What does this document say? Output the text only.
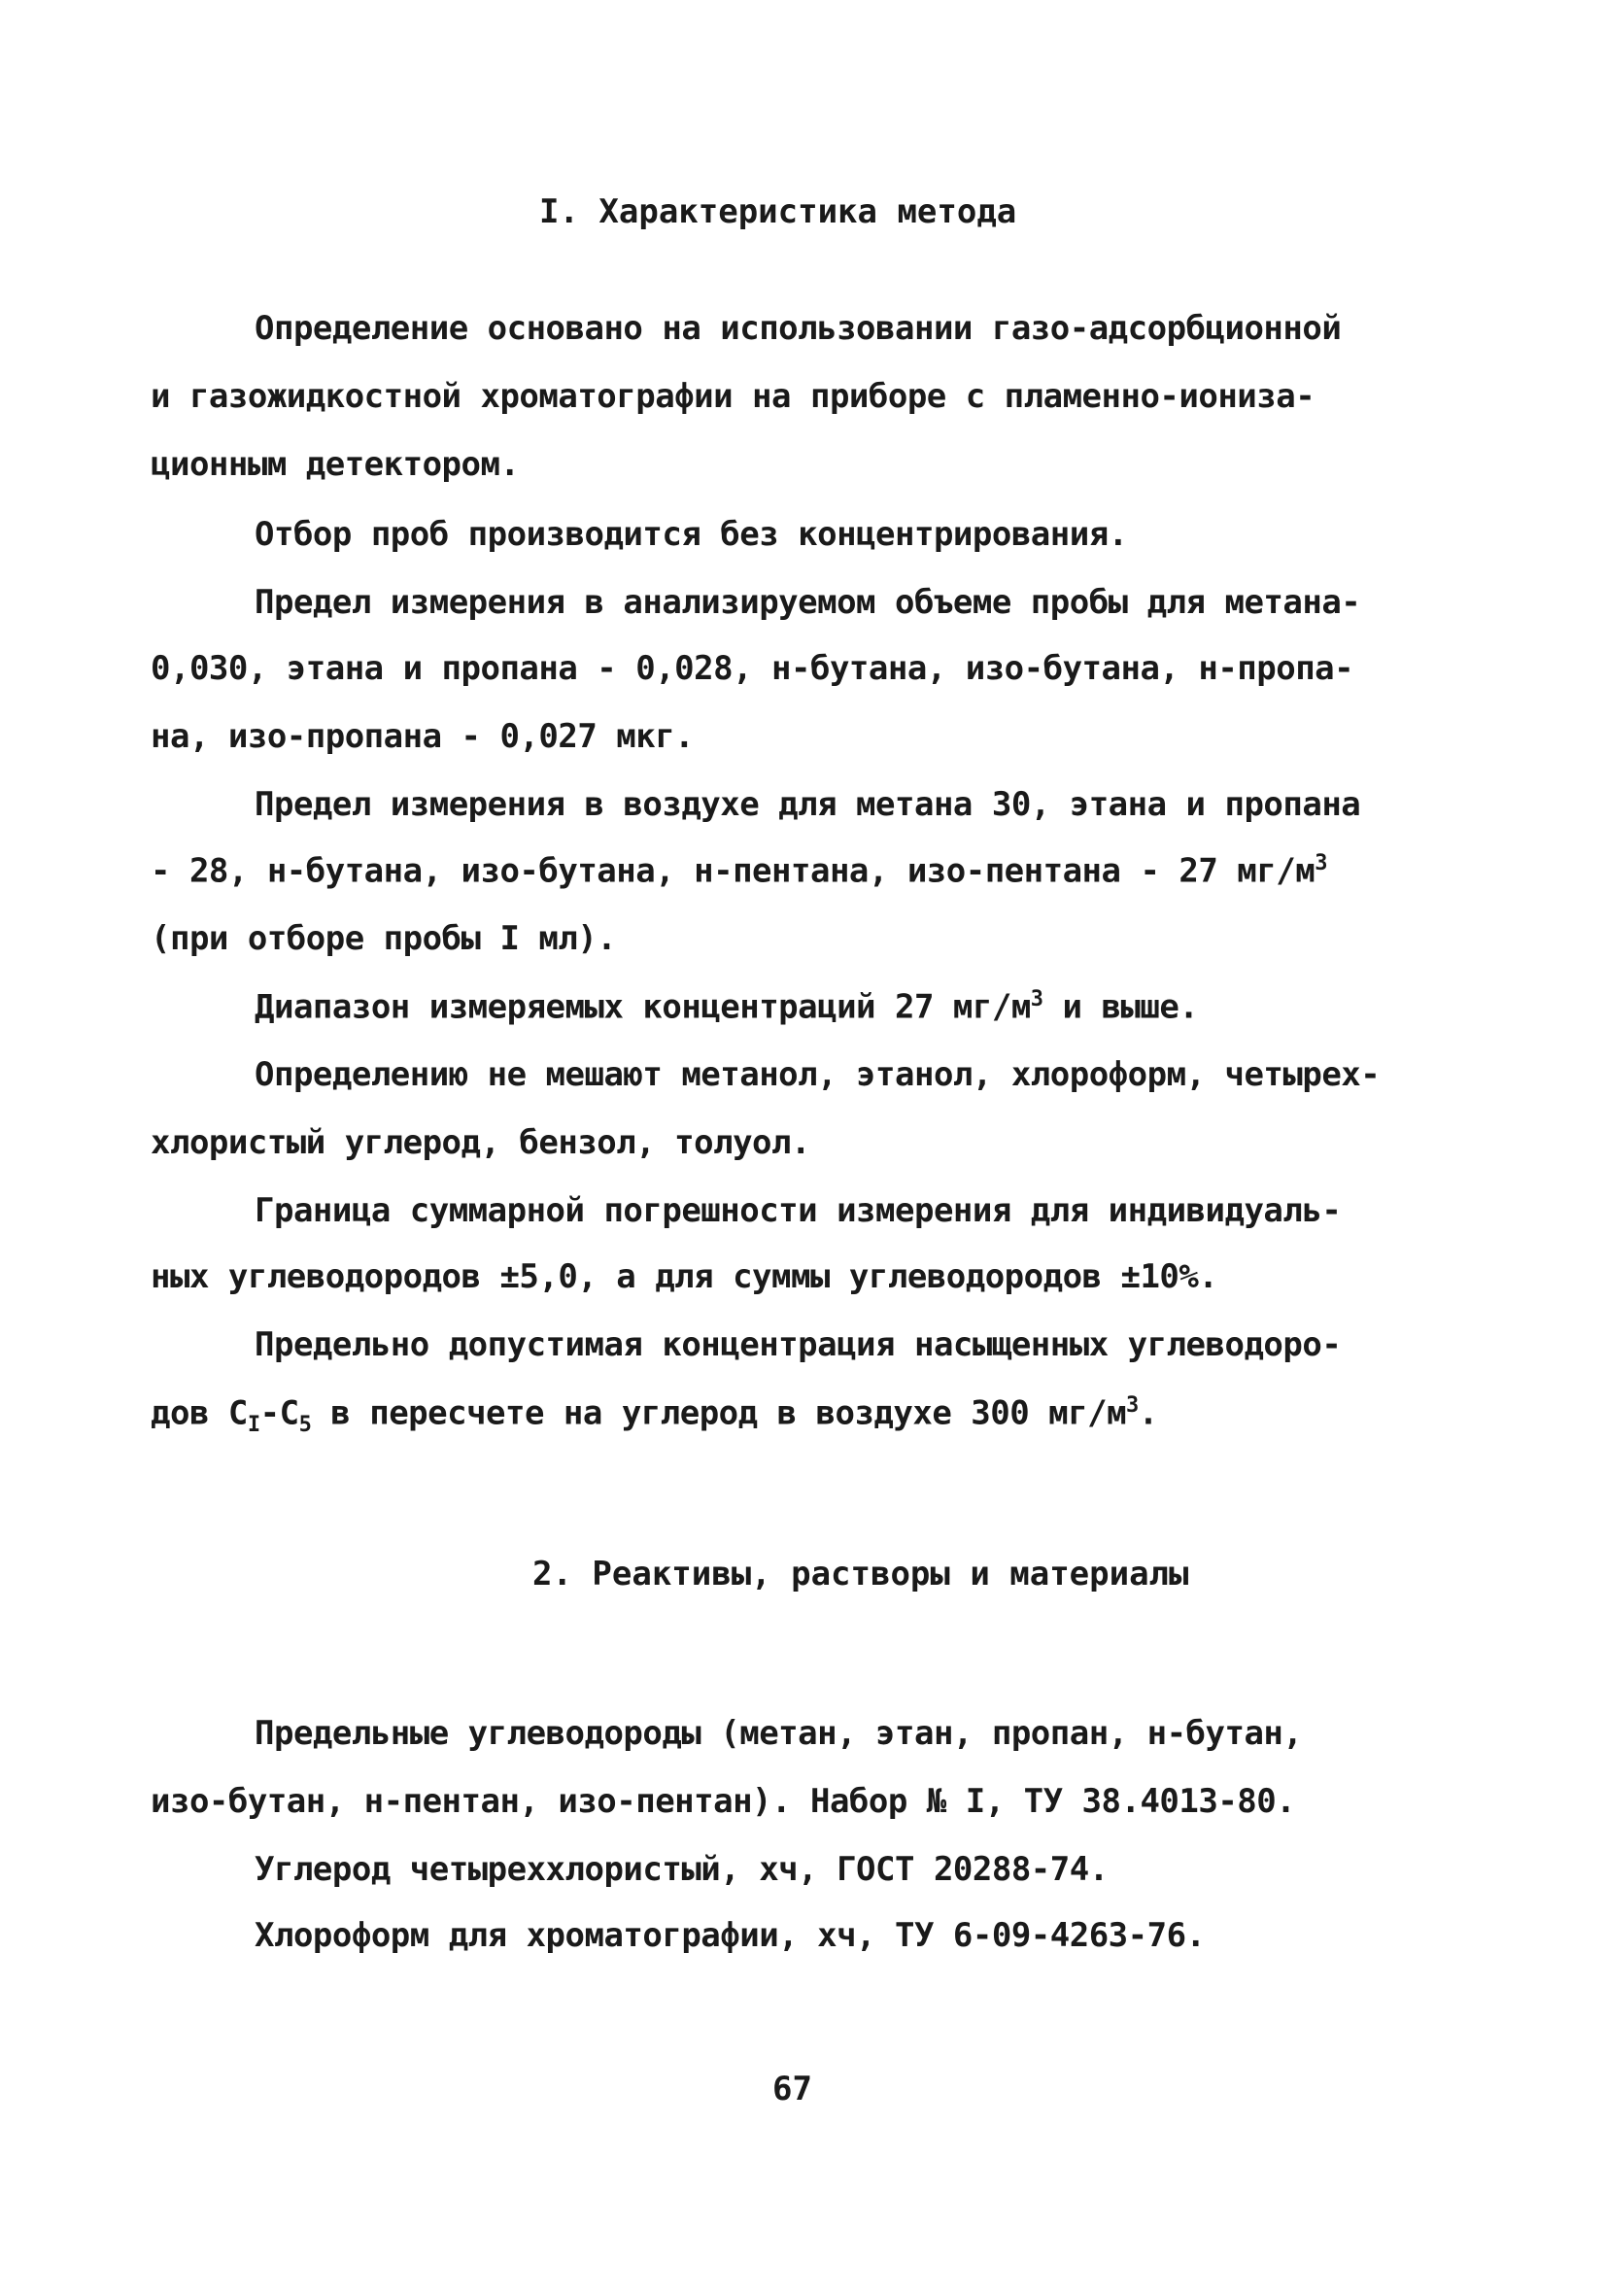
I. Характеристика метода
Определение основано на использовании газо-адсорбционной
и газожидкостной хроматографии на приборе с пламенно-иониза-
ционным детектором.
Отбор проб производится без концентрирования.
Предел измерения в анализируемом объеме пробы для метана-
0,030, этана и пропана - 0,028, н-бутана, изо-бутана, н-пропа-
на, изо-пропана - 0,027 мкг.
Предел измерения в воздухе для метана 30, этана и пропана
- 28, н-бутана, изо-бутана, н-пентана, изо-пентана - 27 $мг/м^3$
(при отборе пробы I мл).
Диапазон измеряемых концентраций 27 $мг/м^3$ и выше.
Определению не мешают метанол, этанол, хлороформ, четырех-
хлористый углерод, бензол, толуол.
Граница суммарной погрешности измерения для индивидуаль-
ных углеводородов ±5,0, а для суммы углеводородов ±10%.
Предельно допустимая концентрация насыщенных углеводоро-
дов $С_I-С_5$ в пересчете на углерод в воздухе 300 $мг/м^3$.
2. Реактивы, растворы и материалы
Предельные углеводороды (метан, этан, пропан, н-бутан,
изо-бутан, н-пентан, изо-пентан). Набор № I, ТУ 38.4013-80.
Углерод четыреххлористый, хч, ГОСТ 20288-74.
Хлороформ для хроматографии, хч, ТУ 6-09-4263-76.
67
